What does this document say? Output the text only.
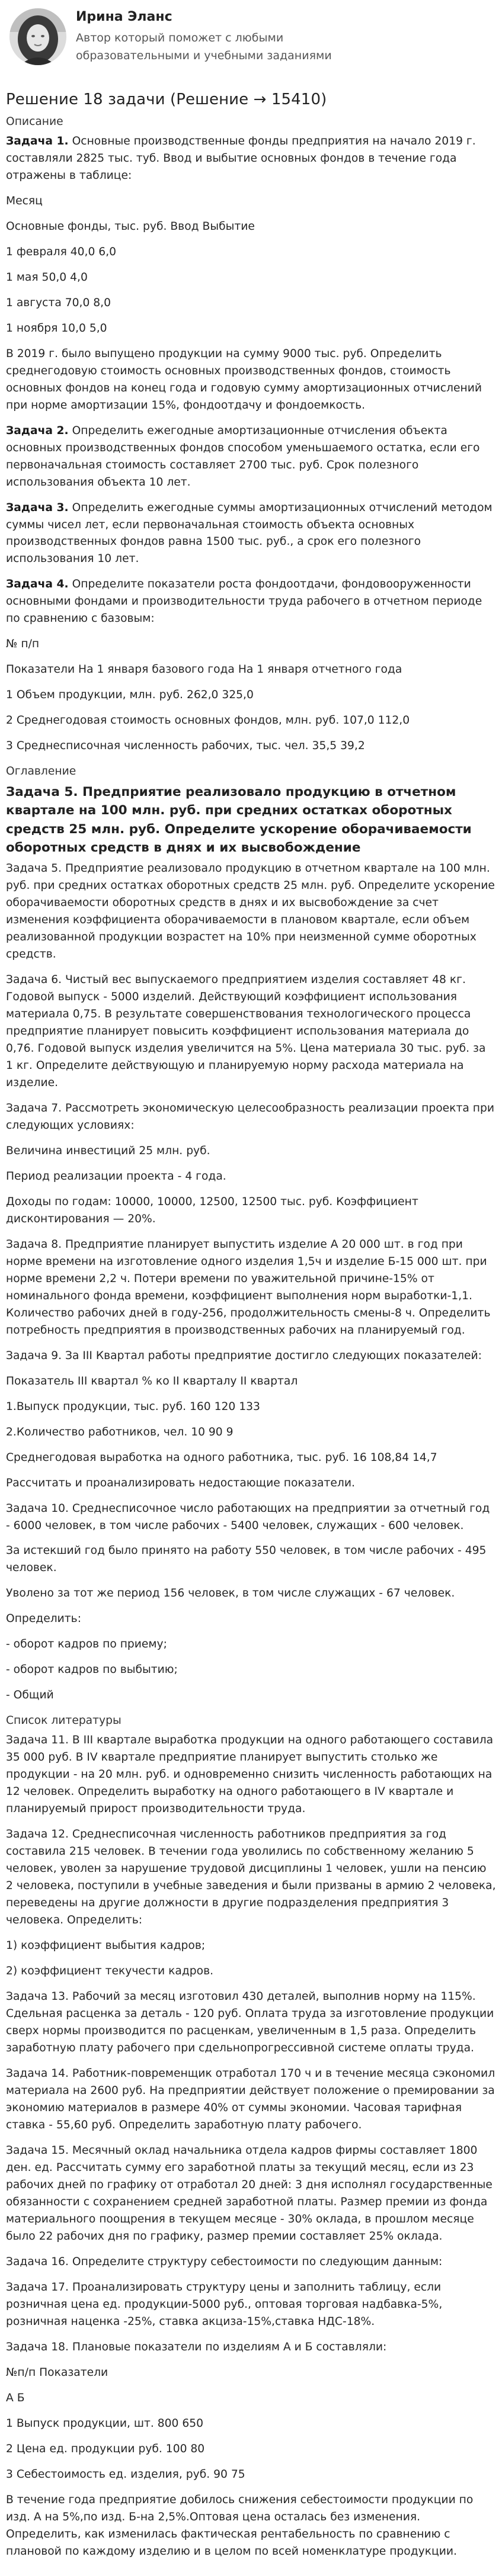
Ирина Эланс

Автор который поможет с любыми образовательными и учебными заданиями

Решение 18 задачи (Решение → 15410)

Описание

Задача 1. Основные производственные фонды предприятия на начало 2019 г. составляли 2825 тыс. туб. Ввод и выбытие основных фондов в течение года отражены в таблице:

Месяц

Основные фонды, тыс. руб. Ввод Выбытие

1 февраля 40,0 6,0

1 мая 50,0 4,0

1 августа 70,0 8,0

1 ноября 10,0 5,0

В 2019 г. было выпущено продукции на сумму 9000 тыс. руб. Определить среднегодовую стоимость основных производственных фондов, стоимость основных фондов на конец года и годовую сумму амортизационных отчислений при норме амортизации 15%, фондоотдачу и фондоемкость.

Задача 2. Определить ежегодные амортизационные отчисления объекта основных производственных фондов способом уменьшаемого остатка, если его первоначальная стоимость составляет 2700 тыс. руб. Срок полезного использования объекта 10 лет.

Задача 3. Определить ежегодные суммы амортизационных отчислений методом суммы чисел лет, если первоначальная стоимость объекта основных производственных фондов равна 1500 тыс. руб., а срок его полезного использования 10 лет.

Задача 4. Определите показатели роста фондоотдачи, фондовооруженности основными фондами и производительности труда рабочего в отчетном периоде по сравнению с базовым:

№ п/п

Показатели На 1 января базового года На 1 января отчетного года

1 Объем продукции, млн. руб. 262,0 325,0

2 Среднегодовая стоимость основных фондов, млн. руб. 107,0 112,0

3 Среднесписочная численность рабочих, тыс. чел. 35,5 39,2

Оглавление

Задача 5. Предприятие реализовало продукцию в отчетном квартале на 100 млн. руб. при средних остатках оборотных средств 25 млн. руб. Определите ускорение оборачиваемости оборотных средств в днях и их высвобождение

Задача 5. Предприятие реализовало продукцию в отчетном квартале на 100 млн. руб. при средних остатках оборотных средств 25 млн. руб. Определите ускорение оборачиваемости оборотных средств в днях и их высвобождение за счет изменения коэффициента оборачиваемости в плановом квартале, если объем реализованной продукции возрастет на 10% при неизменной сумме оборотных средств.

Задача 6. Чистый вес выпускаемого предприятием изделия составляет 48 кг. Годовой выпуск - 5000 изделий. Действующий коэффициент использования материала 0,75. В результате совершенствования технологического процесса предприятие планирует повысить коэффициент использования материала до 0,76. Годовой выпуск изделия увеличится на 5%. Цена материала 30 тыс. руб. за 1 кг. Определите действующую и планируемую норму расхода материала на изделие.

Задача 7. Рассмотреть экономическую целесообразность реализации проекта при следующих условиях:

Величина инвестиций 25 млн. руб.

Период реализации проекта - 4 года.

Доходы по годам: 10000, 10000, 12500, 12500 тыс. руб. Коэффициент дисконтирования — 20%.

Задача 8. Предприятие планирует выпустить изделие А 20 000 шт. в год при норме времени на изготовление одного изделия 1,5ч и изделие Б-15 000 шт. при норме времени 2,2 ч. Потери времени по уважительной причине-15% от номинального фонда времени, коэффициент выполнения норм выработки-1,1. Количество рабочих дней в году-256, продолжительность смены-8 ч. Определить потребность предприятия в производственных рабочих на планируемый год.

Задача 9. За III Квартал работы предприятие достигло следующих показателей:

Показатель III квартал % ко II кварталу II квартал

1.Выпуск продукции, тыс. руб. 160 120 133

2.Количество работников, чел. 10 90 9

Среднегодовая выработка на одного работника, тыс. руб. 16 108,84 14,7

Рассчитать и проанализировать недостающие показатели.

Задача 10. Среднесписочное число работающих на предприятии за отчетный год - 6000 человек, в том числе рабочих - 5400 человек, служащих - 600 человек.

За истекший год было принято на работу 550 человек, в том числе рабочих - 495 человек.

Уволено за тот же период 156 человек, в том числе служащих - 67 человек.

Определить:

- оборот кадров по приему;

- оборот кадров по выбытию;

- Общий

Список литературы

Задача 11. В III квартале выработка продукции на одного работающего составила 35 000 руб. В IV квартале предприятие планирует выпустить столько же продукции - на 20 млн. руб. и одновременно снизить численность работающих на 12 человек. Определить выработку на одного работающего в IV квартале и планируемый прирост производительности труда.

Задача 12. Среднесписочная численность работников предприятия за год составила 215 человек. В течении года уволились по собственному желанию 5 человек, уволен за нарушение трудовой дисциплины 1 человек, ушли на пенсию 2 человека, поступили в учебные заведения и были призваны в армию 2 человека, переведены на другие должности в другие подразделения предприятия 3 человека. Определить:

1) коэффициент выбытия кадров;

2) коэффициент текучести кадров.

Задача 13. Рабочий за месяц изготовил 430 деталей, выполнив норму на 115%. Сдельная расценка за деталь - 120 руб. Оплата труда за изготовление продукции сверх нормы производится по расценкам, увеличенным в 1,5 раза. Определить заработную плату рабочего при сдельнопрогрессивной системе оплаты труда.

Задача 14. Работник-повременщик отработал 170 ч и в течение месяца сэкономил материала на 2600 руб. На предприятии действует положение о премировании за экономию материалов в размере 40% от суммы экономии. Часовая тарифная ставка - 55,60 руб. Определить заработную плату рабочего.

Задача 15. Месячный оклад начальника отдела кадров фирмы составляет 1800 ден. ед. Рассчитать сумму его заработной платы за текущий месяц, если из 23 рабочих дней по графику от отработал 20 дней: 3 дня исполнял государственные обязанности с сохранением средней заработной платы. Размер премии из фонда материального поощрения в текущем месяце - 30% оклада, в прошлом месяце было 22 рабочих дня по графику, размер премии составляет 25% оклада.

Задача 16. Определите структуру себестоимости по следующим данным:

Задача 17. Проанализировать структуру цены и заполнить таблицу, если розничная цена ед. продукции-5000 руб., оптовая торговая надбавка-5%, розничная наценка -25%, ставка акциза-15%,ставка НДС-18%.

Задача 18. Плановые показатели по изделиям А и Б составляли:

№п/п Показатели

А Б

1 Выпуск продукции, шт. 800 650

2 Цена ед. продукции руб. 100 80

3 Себестоимость ед. изделия, руб. 90 75

В течение года предприятие добилось снижения себестоимости продукции по изд. А на 5%,по изд. Б-на 2,5%.Оптовая цена осталась без изменения. Определить, как изменилась фактическая рентабельность по сравнению с плановой по каждому изделию и в целом по всей номенклатуре продукции.
